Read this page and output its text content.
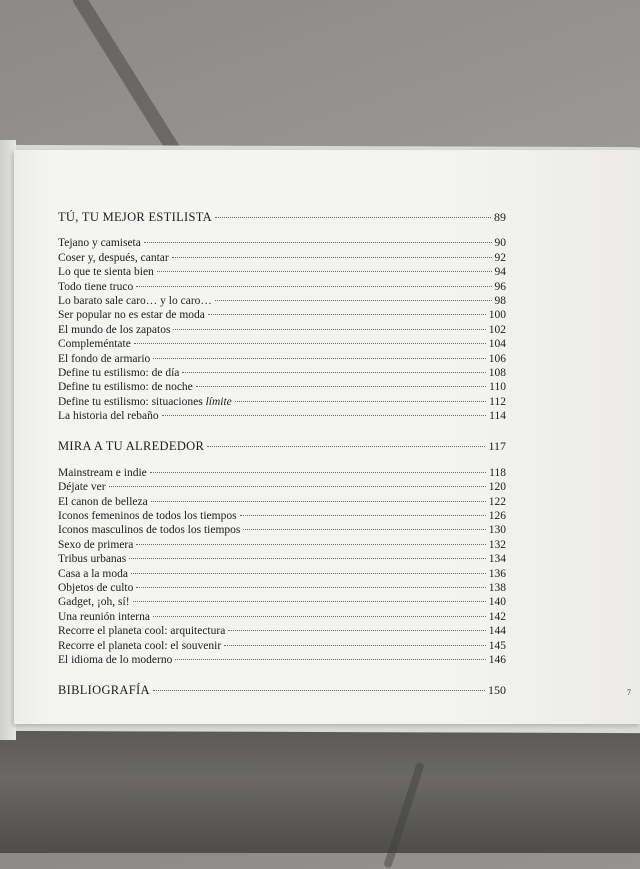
TÚ, TU MEJOR ESTILISTA	89
Tejano y camiseta	90
Coser y, después, cantar	92
Lo que te sienta bien	94
Todo tiene truco	96
Lo barato sale caro… y lo caro…	98
Ser popular no es estar de moda	100
El mundo de los zapatos	102
Compleméntate	104
El fondo de armario	106
Define tu estilismo: de día	108
Define tu estilismo: de noche	110
Define tu estilismo: situaciones límite	112
La historia del rebaño	114
MIRA A TU ALREDEDOR	117
Mainstream e indie	118
Déjate ver	120
El canon de belleza	122
Iconos femeninos de todos los tiempos	126
Iconos masculinos de todos los tiempos	130
Sexo de primera	132
Tribus urbanas	134
Casa a la moda	136
Objetos de culto	138
Gadget, ¡oh, sí!	140
Una reunión interna	142
Recorre el planeta cool: arquitectura	144
Recorre el planeta cool: el souvenir	145
El idioma de lo moderno	146
BIBLIOGRAFÍA	150	7
